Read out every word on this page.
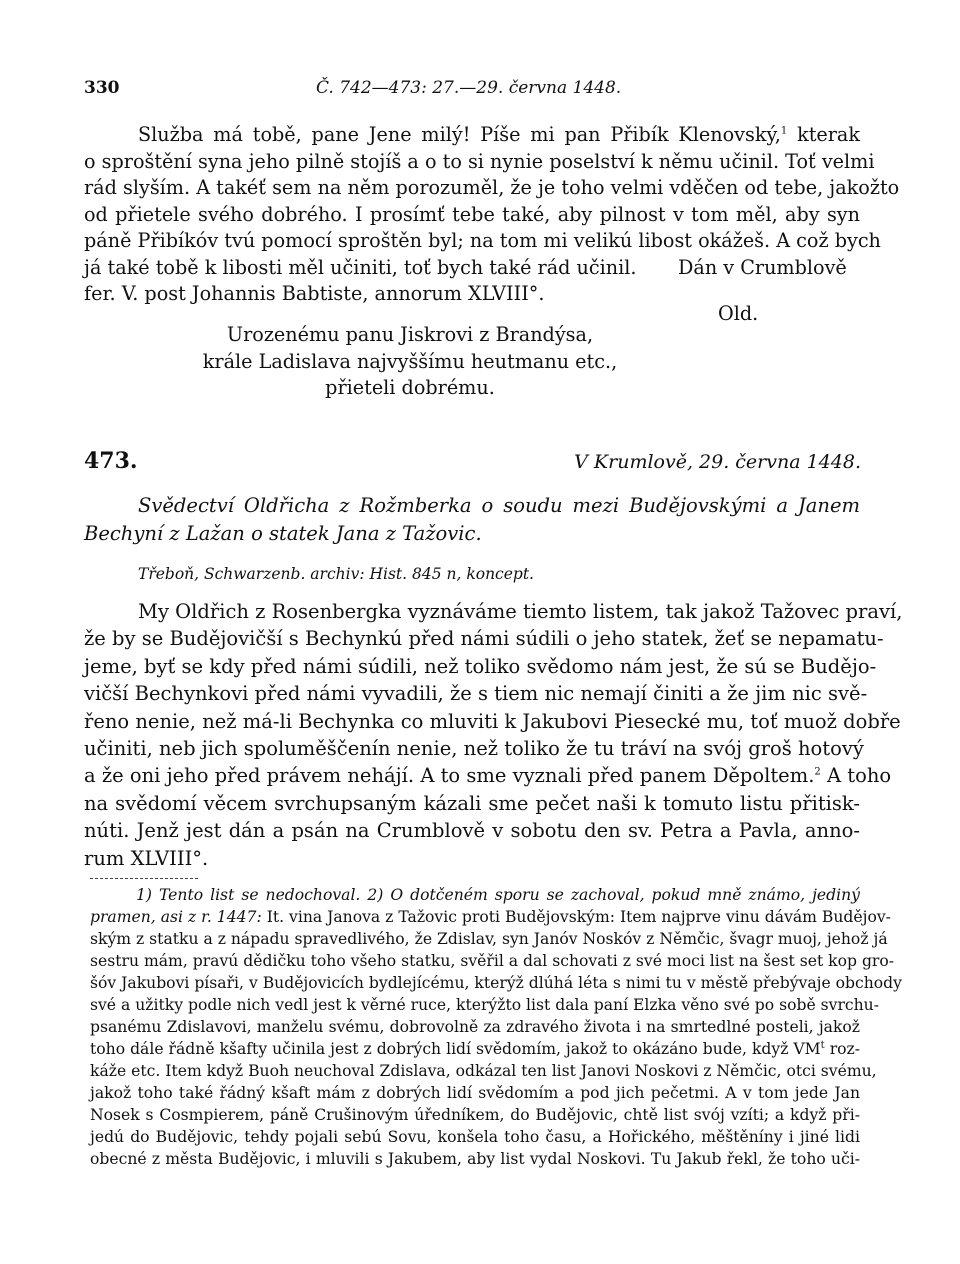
330	Č. 742—473: 27.—29. června 1448.
Služba má tobě, pane Jene milý! Píše mi pan Přibík Klenovský,$^1$ kterak
o sproštění syna jeho pilně stojíš a o to si nynie poselství k němu učinil. Toť velmi
rád slyším. A takéť sem na něm porozuměl, že je toho velmi vděčen od tebe, jakožto
od přietele svého dobrého. I prosímť tebe také, aby pilnost v tom měl, aby syn
páně Přibíkóv tvú pomocí sproštěn byl; na tom mi velikú libost okážeš. A což bych
já také tobě k libosti měl učiniti, toť bych také rád učinil. Dán v Crumblově
fer. V. post Johannis Babtiste, annorum XLVIII°.
Old.
Urozenému panu Jiskrovi z Brandýsa,
krále Ladislava najvyššímu heutmanu etc.,
přieteli dobrému.
473.	V Krumlově, 29. června 1448.
Svědectví Oldřicha z Rožmberka o soudu mezi Budějovskými a Janem
Bechyní z Lažan o statek Jana z Tažovic.
Třeboň, Schwarzenb. archiv: Hist. 845 n, koncept.
My Oldřich z Rosenbergka vyznáváme tiemto listem, tak jakož Tažovec praví,
že by se Budějovičší s Bechynkú před námi súdili o jeho statek, žeť se nepamatu-
jeme, byť se kdy před námi súdili, než toliko svědomo nám jest, že sú se Budějo-
vičší Bechynkovi před námi vyvadili, že s tiem nic nemají činiti a že jim nic svě-
řeno nenie, než má-li Bechynka co mluviti k Jakubovi Piesecké mu, toť muož dobře
učiniti, neb jich spoluměščenín nenie, než toliko že tu tráví na svój groš hotový
a že oni jeho před právem nehájí. A to sme vyznali před panem Děpoltem.$^2$ A toho
na svědomí věcem svrchupsaným kázali sme pečet naši k tomuto listu přitisk-
núti. Jenž jest dán a psán na Crumblově v sobotu den sv. Petra a Pavla, anno-
rum XLVIII°.
1) Tento list se nedochoval. 2) O dotčeném sporu se zachoval, pokud mně známo, jediný
pramen, asi z r. 1447: It. vina Janova z Tažovic proti Budějovským: Item najprve vinu dávám Budějov-
ským z statku a z nápadu spravedlivého, že Zdislav, syn Janóv Noskóv z Němčic, švagr muoj, jehož já
sestru mám, pravú dědičku toho všeho statku, svěřil a dal schovati z své moci list na šest set kop gro-
šóv Jakubovi písaři, v Budějovicích bydlejícému, kterýž dlúhá léta s nimi tu v městě přebývaje obchody
své a užitky podle nich vedl jest k věrné ruce, kterýžto list dala paní Elzka věno své po sobě svrchu-
psanému Zdislavovi, manželu svému, dobrovolně za zdravého života i na smrtedlné posteli, jakož
toho dále řádně kšafty učinila jest z dobrých lidí svědomím, jakož to okázáno bude, když $VM^t$ roz-
káže etc. Item když Buoh neuchoval Zdislava, odkázal ten list Janovi Noskovi z Němčic, otci svému,
jakož toho také řádný kšaft mám z dobrých lidí svědomím a pod jich pečetmi. A v tom jede Jan
Nosek s Cosmpierem, páně Crušinovým úředníkem, do Budějovic, chtě list svój vzíti; a když při-
jedú do Budějovic, tehdy pojali sebú Sovu, konšela toho času, a Hořického, měštěníny i jiné lidi
obecné z města Budějovic, i mluvili s Jakubem, aby list vydal Noskovi. Tu Jakub řekl, že toho uči-
